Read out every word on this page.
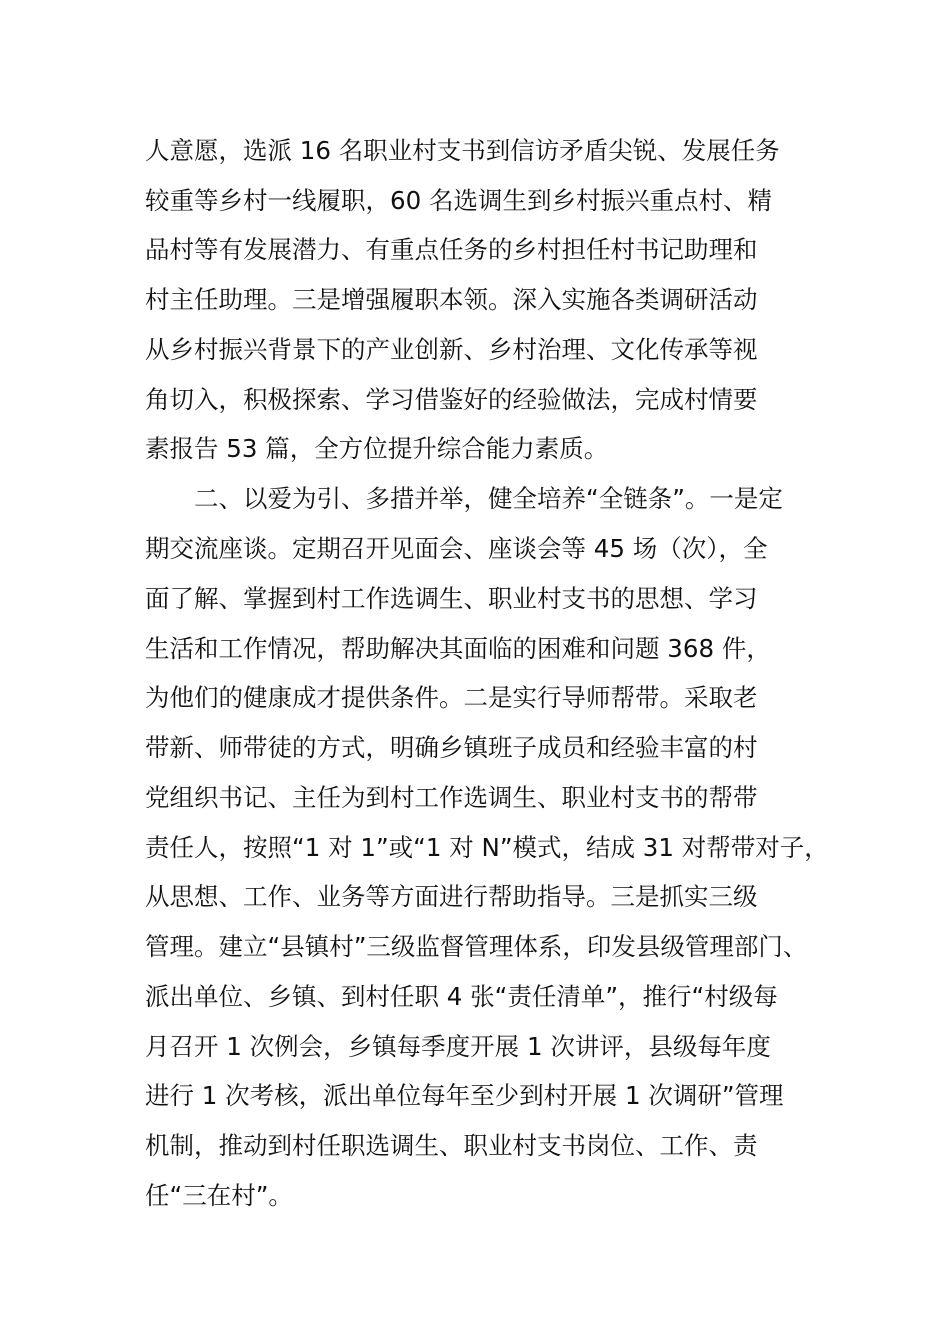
人意愿，选派 16 名职业村支书到信访矛盾尖锐、发展任务
较重等乡村一线履职，60 名选调生到乡村振兴重点村、精
品村等有发展潜力、有重点任务的乡村担任村书记助理和
村主任助理。三是增强履职本领。深入实施各类调研活动
从乡村振兴背景下的产业创新、乡村治理、文化传承等视
角切入，积极探索、学习借鉴好的经验做法，完成村情要
素报告 53 篇，全方位提升综合能力素质。
二、以爱为引、多措并举，健全培养“全链条”。一是定
期交流座谈。定期召开见面会、座谈会等 45 场（次），全
面了解、掌握到村工作选调生、职业村支书的思想、学习
生活和工作情况，帮助解决其面临的困难和问题 368 件，
为他们的健康成才提供条件。二是实行导师帮带。采取老
带新、师带徒的方式，明确乡镇班子成员和经验丰富的村
党组织书记、主任为到村工作选调生、职业村支书的帮带
责任人，按照“1 对 1”或“1 对 N”模式，结成 31 对帮带对子，
从思想、工作、业务等方面进行帮助指导。三是抓实三级
管理。建立“县镇村”三级监督管理体系，印发县级管理部门、
派出单位、乡镇、到村任职 4 张“责任清单”，推行“村级每
月召开 1 次例会，乡镇每季度开展 1 次讲评，县级每年度
进行 1 次考核，派出单位每年至少到村开展 1 次调研”管理
机制，推动到村任职选调生、职业村支书岗位、工作、责
任“三在村”。
